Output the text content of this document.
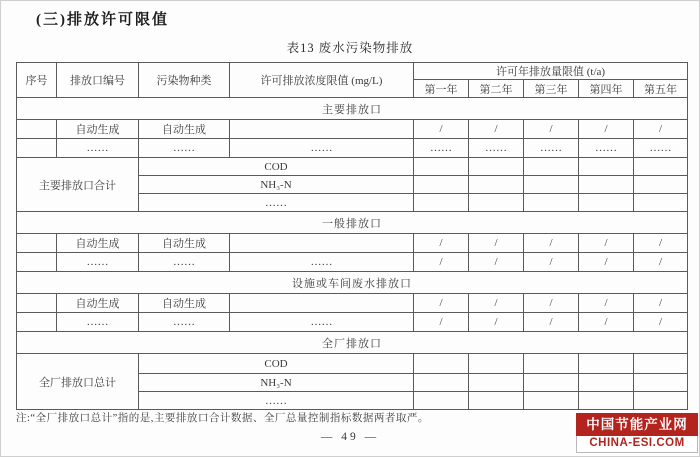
(三)排放许可限值
表13 废水污染物排放
序号	排放口编号	污染物种类	许可排放浓度限值 (mg/L)	许可年排放量限值 (t/a)				
				第一年	第二年	第三年	第四年	第五年
主要排放口								
	自动生成	自动生成		/	/	/	/	/
	……	……	……	……	……	……	……	……
主要排放口合计		COD						
		NH₃-N						
		……						
一般排放口								
	自动生成	自动生成		/	/	/	/	/
	……	……	……	/	/	/	/	/
设施或车间废水排放口								
	自动生成	自动生成		/	/	/	/	/
	……	……	……	/	/	/	/	/
全厂排放口								
全厂排放口总计		COD						
		NH₃-N						
		……						
注:“全厂排放口总计”指的是,主要排放口合计数据、全厂总量控制指标数据两者取严。
— 49 —
中国节能产业网
CHINA-ESI.COM
